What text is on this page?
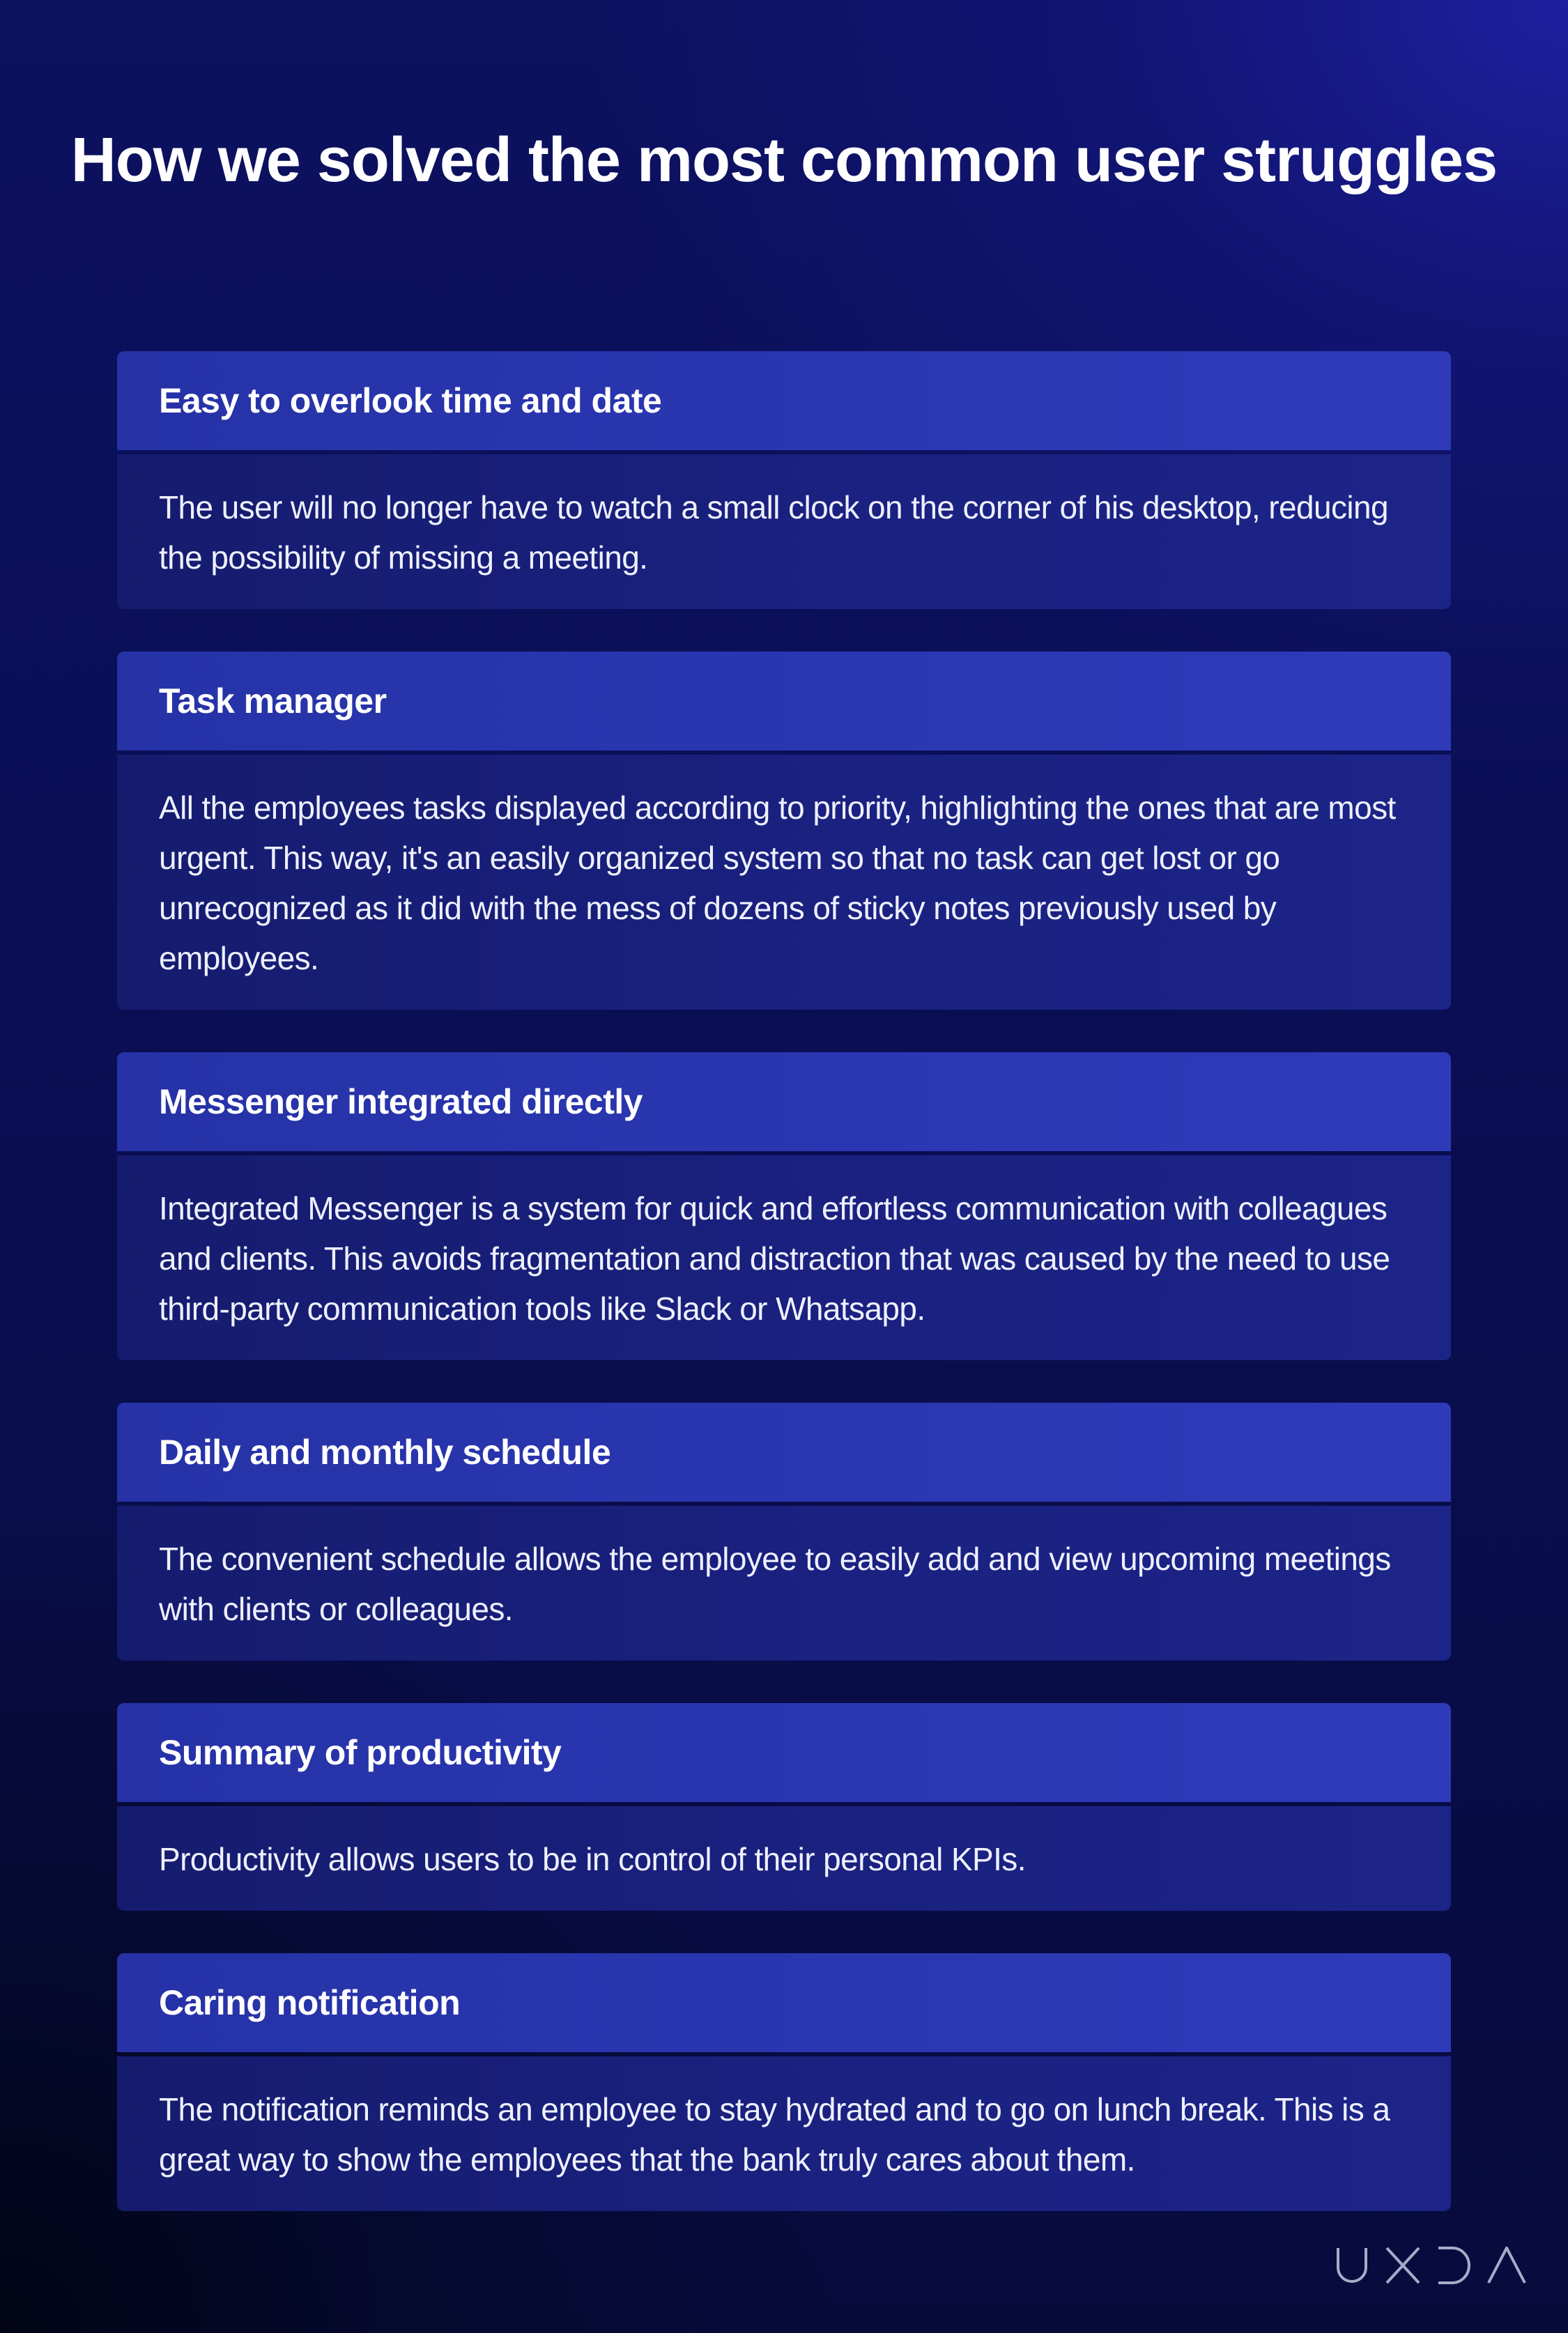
How we solved the most common user struggles
Easy to overlook time and date
The user will no longer have to watch a small clock on the corner of his desktop, reducing the possibility of missing a meeting.
Task manager
All the employees tasks displayed according to priority, highlighting the ones that are most urgent. This way, it's an easily organized system so that no task can get lost or go unrecognized as it did with the mess of dozens of sticky notes previously used by employees.
Messenger integrated directly
Integrated Messenger is a system for quick and effortless communication with colleagues and clients. This avoids fragmentation and distraction that was caused by the need to use third-party communication tools like Slack or Whatsapp.
Daily and monthly schedule
The convenient schedule allows the employee to easily add and view upcoming meetings with clients or colleagues.
Summary of productivity
Productivity allows users to be in control of their personal KPIs.
Caring notification
The notification reminds an employee to stay hydrated and to go on lunch break. This is a great way to show the employees that the bank truly cares about them.
